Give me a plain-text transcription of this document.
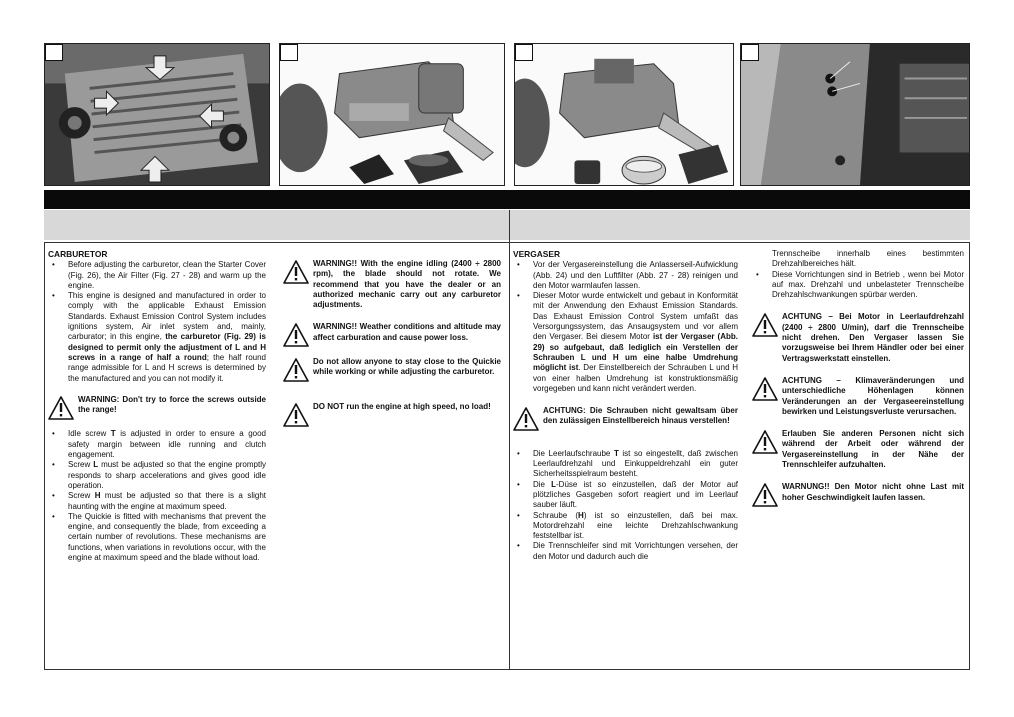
CARBURETOR
• Before adjusting the carburetor, clean the Starter Cover (Fig. 26), the Air Filter (Fig. 27 - 28) and warm up the engine.
• This engine is designed and manufactured in order to comply with the applicable Exhaust Emission Standards. Exhaust Emission Control System includes ignitions system, Air inlet system and, mainly, carburator; in this engine, the carburetor (Fig. 29) is designed to permit only the adjustment of L and H screws in a range of half a round; the half round range admissible for L and H screws is determined by the manufactured and you can not modify it.
WARNING: Don't try to force the screws outside the range!
• Idle screw T is adjusted in order to ensure a good safety margin between idle running and clutch engagement.
• Screw L must be adjusted so that the engine promptly responds to sharp accelerations and gives good idle operation.
• Screw H must be adjusted so that there is a slight haunting with the engine at maximum speed.
• The Quickie is fitted with mechanisms that prevent the engine, and consequently the blade, from exceeding a certain number of revolutions. These mechanisms are functions, when variations in revolutions occur, with the engine at maximum speed and the blade without load.
WARNING!! With the engine idling (2400 ÷ 2800 rpm), the blade should not rotate. We recommend that you have the dealer or an authorized mechanic carry out any carburetor adjustments.
WARNING!! Weather conditions and altitude may affect carburation and cause power loss.
Do not allow anyone to stay close to the Quickie while working or while adjusting the carburetor.
DO NOT run the engine at high speed, no load!
VERGASER
• Vor der Vergasereinstellung die Anlasserseil-Aufwicklung (Abb. 24) und den Luftfilter (Abb. 27 - 28) reinigen und den Motor warmlaufen lassen.
• Dieser Motor wurde entwickelt und gebaut in Konformität mit der Anwendung den Exhaust Emission Standards. Das Exhaust Emission Control System umfaßt das Versorgungssystem, das Ansaugsystem und vor allem den Vergaser. Bei diesem Motor ist der Vergaser (Abb. 29) so aufgebaut, daß lediglich ein Verstellen der Schrauben L und H um eine halbe Umdrehung möglicht ist. Der Einstellbereich der Schrauben L und H von einer halben Umdrehung ist konstruktionsmäßig vorgegeben und kann nicht verändert werden.
ACHTUNG: Die Schrauben nicht gewaltsam über den zulässigen Einstellbereich hinaus verstellen!
• Die Leerlaufschraube T ist so eingestellt, daß zwischen Leerlaufdrehzahl und Einkuppeldrehzahl ein guter Sicherheitsspielraum besteht.
• Die L-Düse ist so einzustellen, daß der Motor auf plötzliches Gasgeben sofort reagiert und im Leerlauf sauber läuft.
• Schraube (H) ist so einzustellen, daß bei max. Motordrehzahl eine leichte Drehzahlschwankung feststellbar ist.
• Die Trennschleifer sind mit Vorrichtungen versehen, der den Motor und dadurch auch die
Trennscheibe innerhalb eines bestimmten Drehzahlbereiches hält.
• Diese Vorrichtungen sind in Betrieb , wenn bei Motor auf max. Drehzahl und unbelasteter Trennscheibe Drehzahlschwankungen spürbar werden.
ACHTUNG – Bei Motor in Leerlaufdrehzahl (2400 ÷ 2800 U/min), darf die Trennscheibe nicht drehen. Den Vergaser lassen Sie vorzugsweise bei Ihrem Händler oder bei einer Vertragswerkstatt einstellen.
ACHTUNG – Klimaveränderungen und unterschiedliche Höhenlagen können Veränderungen an der Vergaseereinstellung bewirken und Leistungsverluste verursachen.
Erlauben Sie anderen Personen nicht sich während der Arbeit oder während der Vergasereinstellung in der Nähe der Trennschleifer aufzuhalten.
WARNUNG!! Den Motor nicht ohne Last mit hoher Geschwindigkeit laufen lassen.
